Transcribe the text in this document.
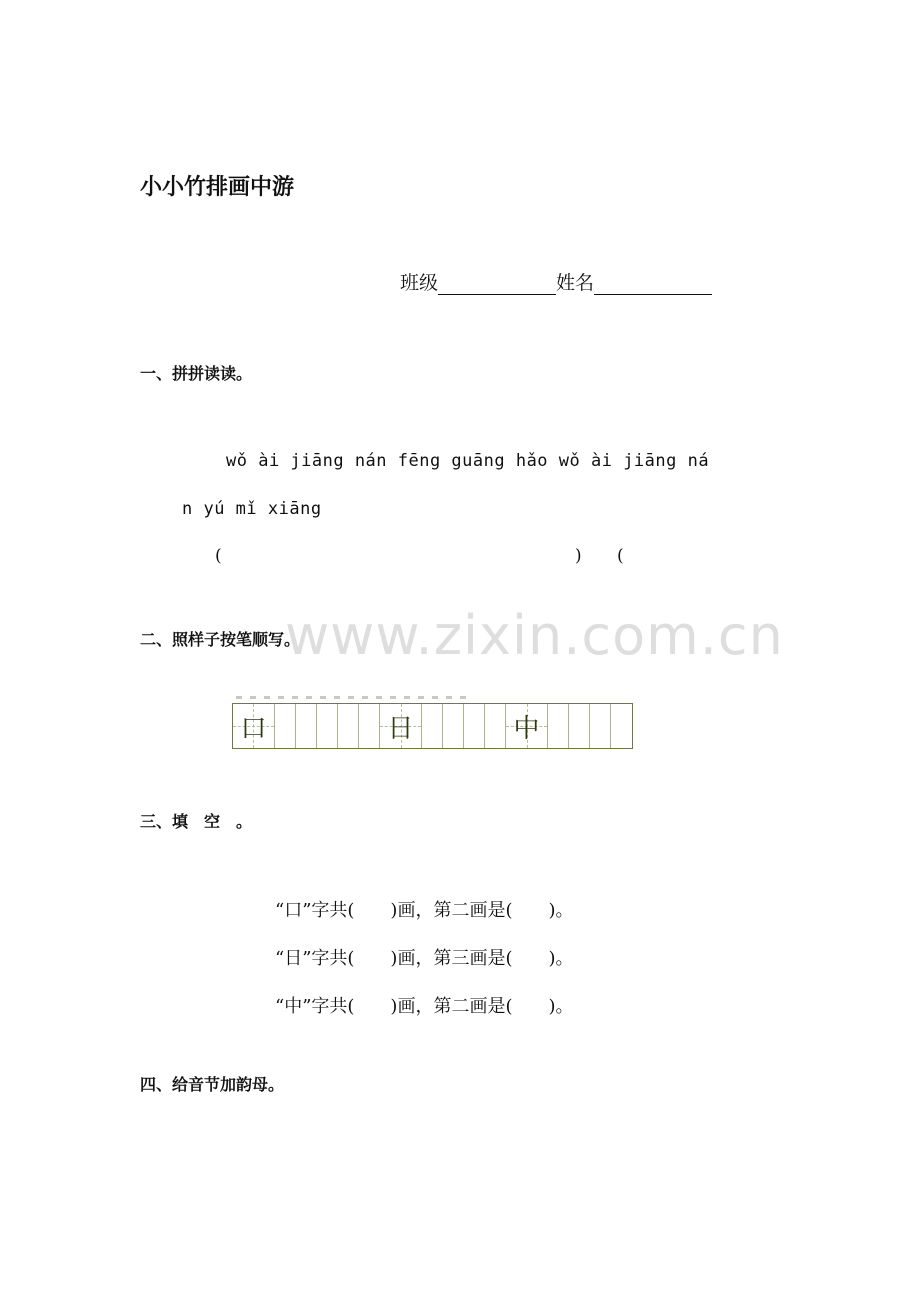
小小竹排画中游
班级	姓名
一、拼拼读读。
wǒ ài jiāng nán fēng guāng hǎo wǒ ài jiāng ná
n yú mǐ xiāng
(	) (
www.zixin.com.cn
二、照样子按笔顺写。
口	日	中
三、填　空　。
“口”字共(　　)画，第二画是(　　)。
“日”字共(　　)画，第三画是(　　)。
“中”字共(　　)画，第二画是(　　)。
四、给音节加韵母。
